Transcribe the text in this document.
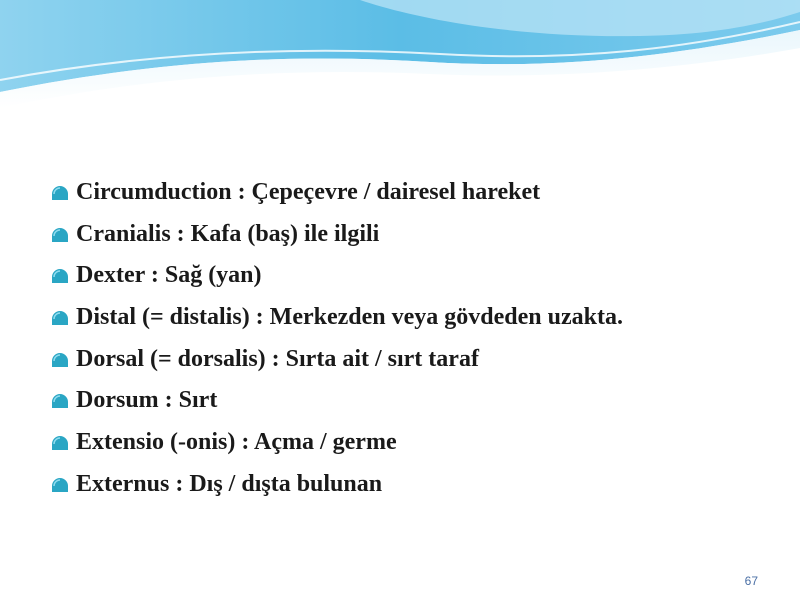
Circumduction : Çepeçevre / dairesel hareket
Cranialis : Kafa (baş) ile ilgili
Dexter : Sağ (yan)
Distal (= distalis) : Merkezden veya gövdeden uzakta.
Dorsal (= dorsalis) : Sırta ait / sırt taraf
Dorsum : Sırt
Extensio (-onis) : Açma / germe
Externus : Dış / dışta bulunan
67
